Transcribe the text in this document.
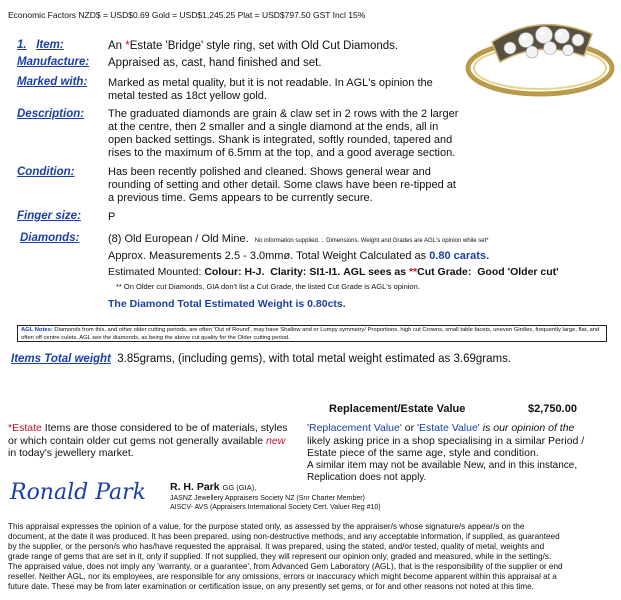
Economic Factors NZD$ = USD$0.69 Gold = USD$1,245.25 Plat = USD$797.50 GST Incl 15%
1. Item:	An *Estate 'Bridge' style ring, set with Old Cut Diamonds.
Manufacture: Appraised as, cast, hand finished and set.
Marked with: Marked as metal quality, but it is not readable. In AGL's opinion the
metal tested as 18ct yellow gold.
Description: The graduated diamonds are grain & claw set in 2 rows with the 2 larger
at the centre, then 2 smaller and a single diamond at the ends, all in
open backed settings. Shank is integrated, softly rounded, tapered and
rises to the maximum of 6.5mm at the top, and a good average section.
Condition:	Has been recently polished and cleaned. Shows general wear and
rounding of setting and other detail. Some claws have been re-tipped at
a previous time. Gems appears to be currently secure.
Finger size: P
Diamonds:	(8) Old European / Old Mine. No information supplied. :. Dimensions, Weight and Grades are AGL's opinion while set*
Approx. Measurements 2.5 - 3.0mmø. Total Weight Calculated as 0.80 carats.
Estimated Mounted: Colour: H-J. Clarity: SI1-I1. AGL sees as **Cut Grade: Good 'Older cut'
** On Older cut Diamonds, GIA don't list a Cut Grade, the listed Cut Grade is AGL's opinion.
The Diamond Total Estimated Weight is 0.80cts.
AGL Notes: Diamonds from this, and other older cutting periods, are often 'Out of Round', may have Shallow and or Lumpy symmetry/ Proportions, high cut Crowns, small table facets, uneven Girdles, frequently large, flat, and often off centre culets. AGL see the diamonds, as being the above cut quality for the Older cutting period.
Items Total weight 3.85grams, (including gems), with total metal weight estimated as 3.69grams.
Replacement/Estate Value	$2,750.00
'Replacement Value' or 'Estate Value' is our opinion of the
likely asking price in a shop specialising in a similar Period /
Estate piece of the same age, style and condition.
A similar item may not be available New, and in this instance,
Replication does not apply.
*Estate Items are those considered to be of materials, styles
or which contain older cut gems not generally available new
in today's jewellery market.
Ronald Park R. H. Park GG (GIA),
JASNZ Jewellery Appraisers Society NZ (Snr Charter Member)
AISCV- AVS (Appraisers International Society Cert. Valuer Reg #10)
This appraisal expresses the opinion of a value, for the purpose stated only, as assessed by the appraiser/s whose signature/s appear/s on the
document, at the date it was produced. It has been prepared, using non-destructive methods, and any acceptable information, if supplied, as guaranteed
by the supplier, or the person/s who has/have requested the appraisal. It was prepared, using the stated, and/or tested, quality of metal, weights and
grade range of gems that are set in it, only if supplied. If not supplied, they will represent our opinion only, graded and measured, while in the setting/s.
The appraised value, does not imply any 'warranty, or a guarantee', from Advanced Gem Laboratory (AGL), that is the responsibility of the supplier or end
reseller. Neither AGL, nor its employees, are responsible for any omissions, errors or inaccuracy which might become apparent within this appraisal at a
future date. These may be from later examination or certification issue, on any presently set gems, or for and other reasons not noted at this time.
